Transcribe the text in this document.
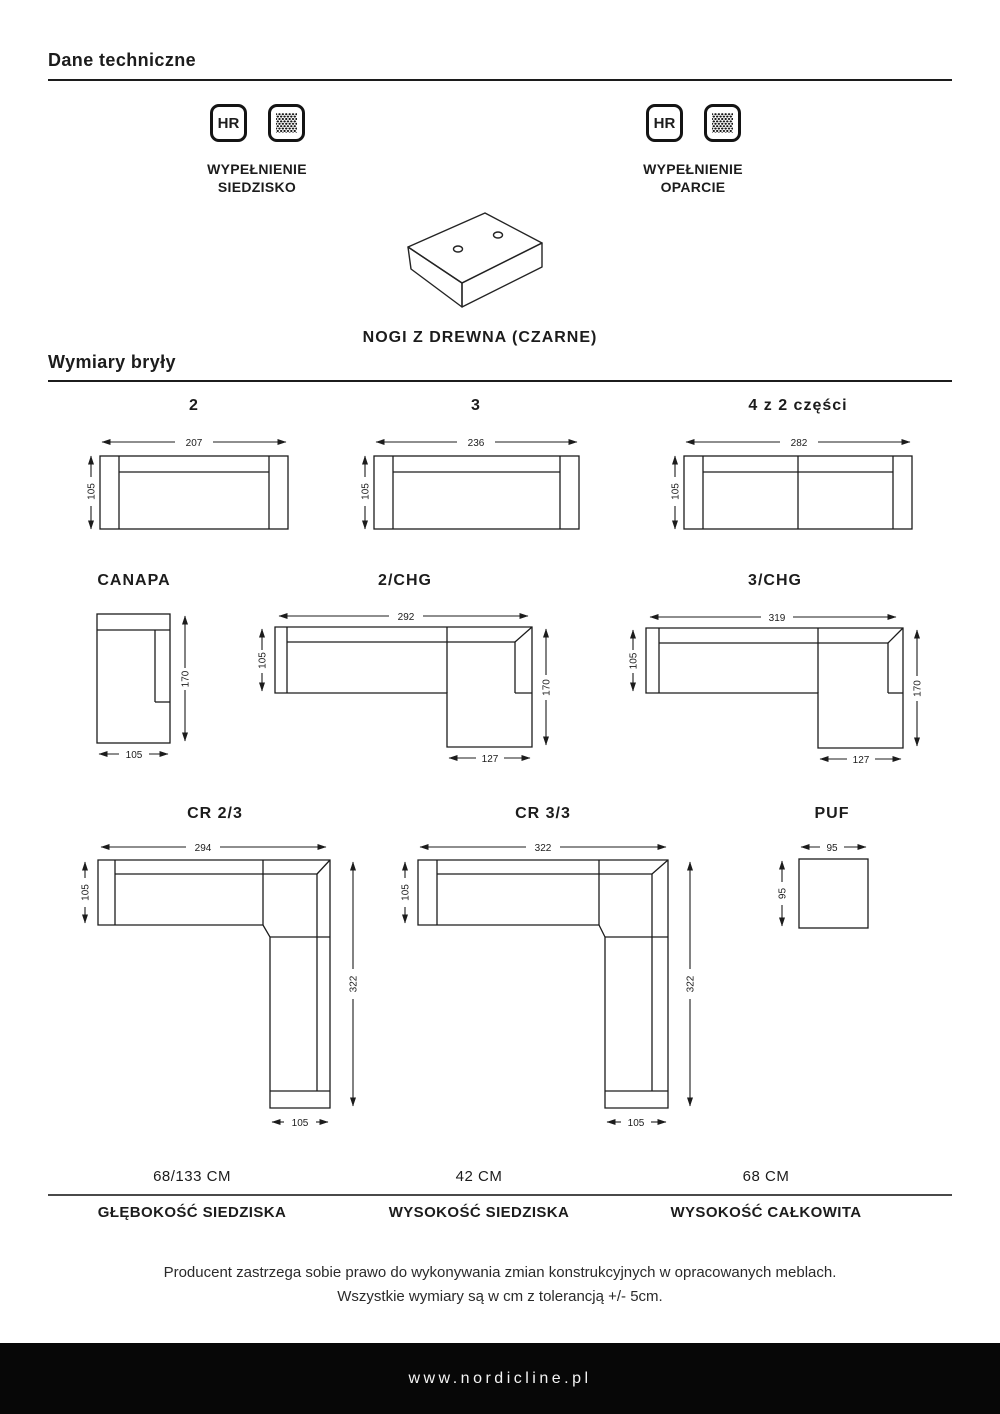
Dane techniczne
HR
WYPEŁNIENIE
SIEDZISKO
HR
WYPEŁNIENIE
OPARCIE
NOGI Z DREWNA (CZARNE)
Wymiary bryły
2	3	4 z 2 części
207
105
236
105
282
105
CANAPA	2/CHG	3/CHG
170
105
292
105
170
127
319
105
170
127
CR 2/3	CR 3/3	PUF
294
105
322
105
322
105
322
105
95
95
68/133 CM	42 CM	68 CM
GŁĘBOKOŚĆ SIEDZISKA	WYSOKOŚĆ SIEDZISKA	WYSOKOŚĆ CAŁKOWITA
Producent zastrzega sobie prawo do wykonywania zmian konstrukcyjnych w opracowanych meblach.
Wszystkie wymiary są w cm z tolerancją +/- 5cm.
www.nordicline.pl
